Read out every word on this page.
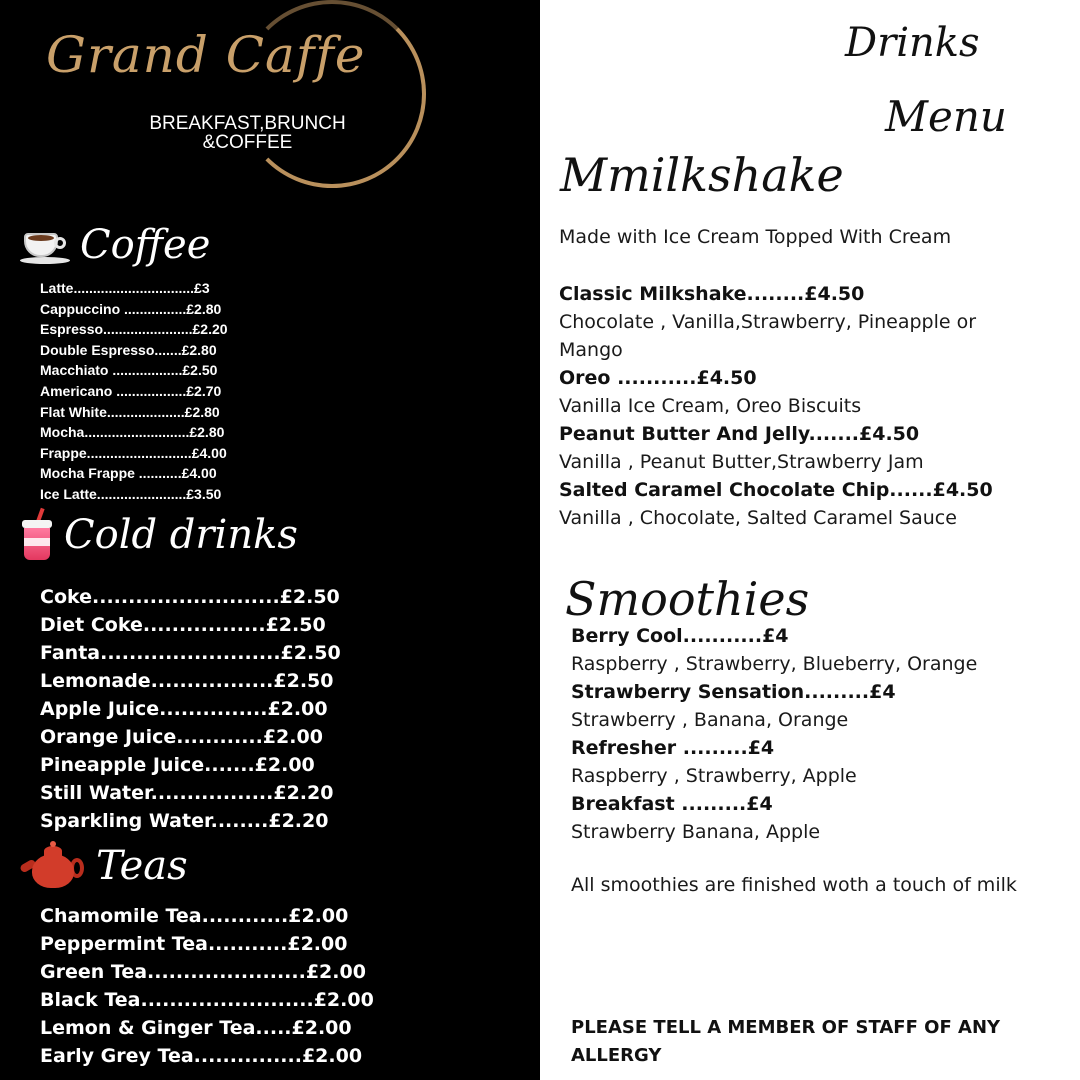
Grand Caffe
BREAKFAST,BRUNCH
&COFFEE
Coffee
Latte...............................£3
Cappuccino ................£2.80
Espresso.......................£2.20
Double Espresso.......£2.80
Macchiato ..................£2.50
Americano ..................£2.70
Flat White....................£2.80
Mocha...........................£2.80
Frappe...........................£4.00
Mocha Frappe ...........£4.00
Ice Latte.......................£3.50
Cold drinks
Coke..........................£2.50
Diet Coke.................£2.50
Fanta.........................£2.50
Lemonade.................£2.50
Apple Juice...............£2.00
Orange Juice............£2.00
Pineapple Juice.......£2.00
Still Water.................£2.20
Sparkling Water........£2.20
Teas
Chamomile Tea............£2.00
Peppermint Tea...........£2.00
Green Tea......................£2.00
Black Tea........................£2.00
Lemon & Ginger Tea.....£2.00
Early Grey Tea...............£2.00
Drinks
Menu
Mmilkshake
Made with Ice Cream Topped With Cream
Classic Milkshake........£4.50
Chocolate , Vanilla,Strawberry, Pineapple or Mango
Oreo ...........£4.50
Vanilla Ice Cream, Oreo Biscuits
Peanut Butter And Jelly.......£4.50
Vanilla , Peanut Butter,Strawberry Jam
Salted Caramel Chocolate Chip......£4.50
Vanilla , Chocolate, Salted Caramel Sauce
Smoothies
Berry Cool...........£4
Raspberry , Strawberry, Blueberry, Orange
Strawberry Sensation.........£4
Strawberry , Banana, Orange
Refresher .........£4
Raspberry , Strawberry, Apple
Breakfast .........£4
Strawberry Banana, Apple
All smoothies are finished woth a touch of milk
PLEASE TELL A MEMBER OF STAFF OF ANY ALLERGY
